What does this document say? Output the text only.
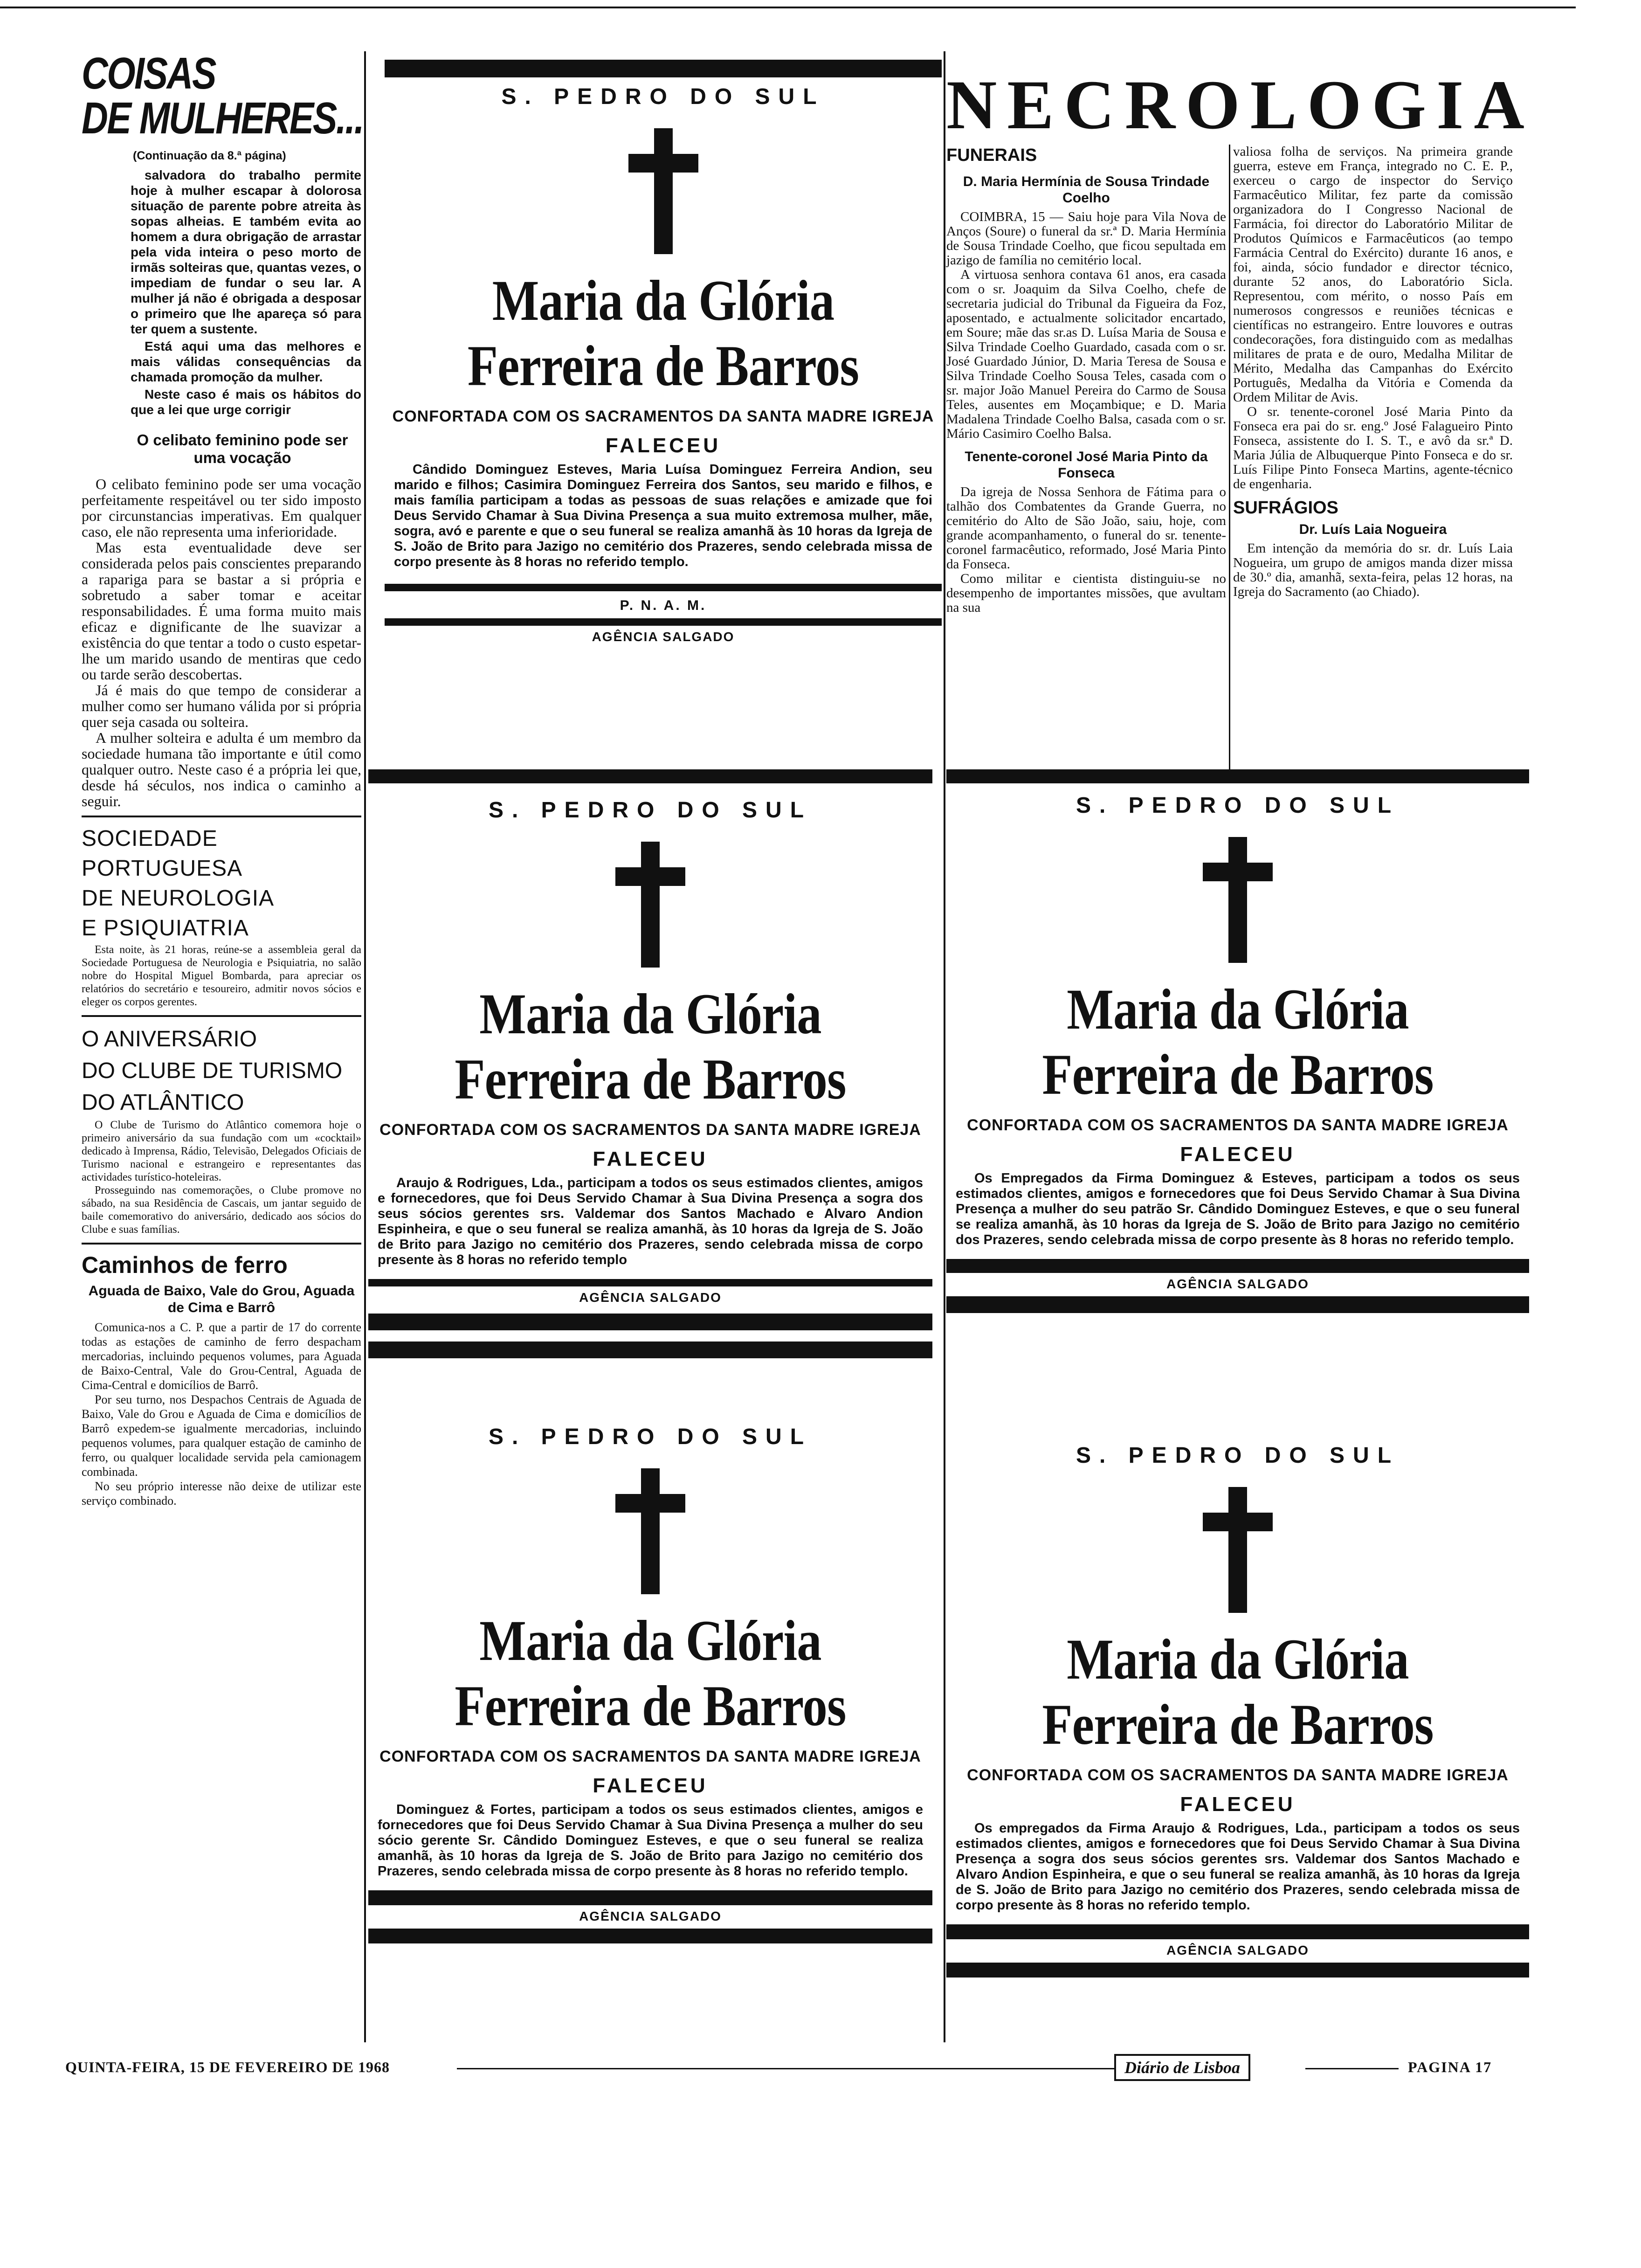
COISAS
DE MULHERES...
(Continuação da 8.ª página)

salvadora do trabalho permite hoje à mulher escapar à dolorosa situação de parente pobre atreita às sopas alheias. E também evita ao homem a dura obrigação de arrastar pela vida inteira o peso morto de irmãs solteiras que, quantas vezes, o impediam de fundar o seu lar. A mulher já não é obrigada a desposar o primeiro que lhe apareça só para ter quem a sustente.

Está aqui uma das melhores e mais válidas consequências da chamada promoção da mulher.

Neste caso é mais os hábitos do que a lei que urge corrigir

O celibato feminino pode ser uma vocação

O celibato feminino pode ser uma vocação perfeitamente respeitável ou ter sido imposto por circunstancias imperativas. Em qualquer caso, ele não representa uma inferioridade.

Mas esta eventualidade deve ser considerada pelos pais conscientes preparando a rapariga para se bastar a si própria e sobretudo a saber tomar e aceitar responsabilidades. É uma forma muito mais eficaz e dignificante de lhe suavizar a existência do que tentar a todo o custo espetar-lhe um marido usando de mentiras que cedo ou tarde serão descobertas.

Já é mais do que tempo de considerar a mulher como ser humano válida por si própria quer seja casada ou solteira.

A mulher solteira e adulta é um membro da sociedade humana tão importante e útil como qualquer outro. Neste caso é a própria lei que, desde há séculos, nos indica o caminho a seguir.

SOCIEDADE
PORTUGUESA
DE NEUROLOGIA
E PSIQUIATRIA

Esta noite, às 21 horas, reúne-se a assembleia geral da Sociedade Portuguesa de Neurologia e Psiquiatria, no salão nobre do Hospital Miguel Bombarda, para apreciar os relatórios do secretário e tesoureiro, admitir novos sócios e eleger os corpos gerentes.

O ANIVERSÁRIO
DO CLUBE DE TURISMO
DO ATLÂNTICO

O Clube de Turismo do Atlântico comemora hoje o primeiro aniversário da sua fundação com um «cocktail» dedicado à Imprensa, Rádio, Televisão, Delegados Oficiais de Turismo nacional e estrangeiro e representantes das actividades turístico-hoteleiras.

Prosseguindo nas comemorações, o Clube promove no sábado, na sua Residência de Cascais, um jantar seguido de baile comemorativo do aniversário, dedicado aos sócios do Clube e suas famílias.

Caminhos de ferro
Aguada de Baixo, Vale do Grou, Aguada de Cima e Barrô

Comunica-nos a C. P. que a partir de 17 do corrente todas as estações de caminho de ferro despacham mercadorias, incluindo pequenos volumes, para Aguada de Baixo-Central, Vale do Grou-Central, Aguada de Cima-Central e domicílios de Barrô.

Por seu turno, nos Despachos Centrais de Aguada de Baixo, Vale do Grou e Aguada de Cima e domicílios de Barrô expedem-se igualmente mercadorias, incluindo pequenos volumes, para qualquer estação de caminho de ferro, ou qualquer localidade servida pela camionagem combinada.

No seu próprio interesse não deixe de utilizar este serviço combinado.

S. PEDRO DO SUL
Maria da Glória
Ferreira de Barros
CONFORTADA COM OS SACRAMENTOS DA SANTA MADRE IGREJA
FALECEU

Cândido Dominguez Esteves, Maria Luísa Dominguez Ferreira Andion, seu marido e filhos; Casimira Dominguez Ferreira dos Santos, seu marido e filhos, e mais família participam a todas as pessoas de suas relações e amizade que foi Deus Servido Chamar à Sua Divina Presença a sua muito extremosa mulher, mãe, sogra, avó e parente e que o seu funeral se realiza amanhã às 10 horas da Igreja de S. João de Brito para Jazigo no cemitério dos Prazeres, sendo celebrada missa de corpo presente às 8 horas no referido templo.

P. N. A. M.
AGÊNCIA SALGADO
NECROLOGIA
FUNERAIS
D. Maria Hermínia de Sousa Trindade Coelho

COIMBRA, 15 — Saiu hoje para Vila Nova de Anços (Soure) o funeral da sr.ª D. Maria Hermínia de Sousa Trindade Coelho, que ficou sepultada em jazigo de família no cemitério local.

A virtuosa senhora contava 61 anos, era casada com o sr. Joaquim da Silva Coelho, chefe de secretaria judicial do Tribunal da Figueira da Foz, aposentado, e actualmente solicitador encartado, em Soure; mãe das sr.as D. Luísa Maria de Sousa e Silva Trindade Coelho Guardado, casada com o sr. José Guardado Júnior, D. Maria Teresa de Sousa e Silva Trindade Coelho Sousa Teles, casada com o sr. major João Manuel Pereira do Carmo de Sousa Teles, ausentes em Moçambique; e D. Maria Madalena Trindade Coelho Balsa, casada com o sr. Mário Casimiro Coelho Balsa.

Tenente-coronel José Maria Pinto da Fonseca

Da igreja de Nossa Senhora de Fátima para o talhão dos Combatentes da Grande Guerra, no cemitério do Alto de São João, saiu, hoje, com grande acompanhamento, o funeral do sr. tenente-coronel farmacêutico, reformado, José Maria Pinto da Fonseca.

Como militar e cientista distinguiu-se no desempenho de importantes missões, que avultam na sua

valiosa folha de serviços. Na primeira grande guerra, esteve em França, integrado no C. E. P., exerceu o cargo de inspector do Serviço Farmacêutico Militar, fez parte da comissão organizadora do I Congresso Nacional de Farmácia, foi director do Laboratório Militar de Produtos Químicos e Farmacêuticos (ao tempo Farmácia Central do Exército) durante 16 anos, e foi, ainda, sócio fundador e director técnico, durante 52 anos, do Laboratório Sicla. Representou, com mérito, o nosso País em numerosos congressos e reuniões técnicas e científicas no estrangeiro. Entre louvores e outras condecorações, fora distinguido com as medalhas militares de prata e de ouro, Medalha Militar de Mérito, Medalha das Campanhas do Exército Português, Medalha da Vitória e Comenda da Ordem Militar de Avis.

O sr. tenente-coronel José Maria Pinto da Fonseca era pai do sr. eng.º José Falagueiro Pinto Fonseca, assistente do I. S. T., e avô da sr.ª D. Maria Júlia de Albuquerque Pinto Fonseca e do sr. Luís Filipe Pinto Fonseca Martins, agente-técnico de engenharia.

SUFRÁGIOS
Dr. Luís Laia Nogueira

Em intenção da memória do sr. dr. Luís Laia Nogueira, um grupo de amigos manda dizer missa de 30.º dia, amanhã, sexta-feira, pelas 12 horas, na Igreja do Sacramento (ao Chiado).

S. PEDRO DO SUL
Maria da Glória
Ferreira de Barros
CONFORTADA COM OS SACRAMENTOS DA SANTA MADRE IGREJA
FALECEU

Araujo & Rodrigues, Lda., participam a todos os seus estimados clientes, amigos e fornecedores, que foi Deus Servido Chamar à Sua Divina Presença a sogra dos seus sócios gerentes srs. Valdemar dos Santos Machado e Alvaro Andion Espinheira, e que o seu funeral se realiza amanhã, às 10 horas da Igreja de S. João de Brito para Jazigo no cemitério dos Prazeres, sendo celebrada missa de corpo presente às 8 horas no referido templo

AGÊNCIA SALGADO
S. PEDRO DO SUL
Maria da Glória
Ferreira de Barros
CONFORTADA COM OS SACRAMENTOS DA SANTA MADRE IGREJA
FALECEU

Os Empregados da Firma Dominguez & Esteves, participam a todos os seus estimados clientes, amigos e fornecedores que foi Deus Servido Chamar à Sua Divina Presença a mulher do seu patrão Sr. Cândido Dominguez Esteves, e que o seu funeral se realiza amanhã, às 10 horas da Igreja de S. João de Brito para Jazigo no cemitério dos Prazeres, sendo celebrada missa de corpo presente às 8 horas no referido templo.

AGÊNCIA SALGADO
S. PEDRO DO SUL
Maria da Glória
Ferreira de Barros
CONFORTADA COM OS SACRAMENTOS DA SANTA MADRE IGREJA
FALECEU

Dominguez & Fortes, participam a todos os seus estimados clientes, amigos e fornecedores que foi Deus Servido Chamar à Sua Divina Presença a mulher do seu sócio gerente Sr. Cândido Dominguez Esteves, e que o seu funeral se realiza amanhã, às 10 horas da Igreja de S. João de Brito para Jazigo no cemitério dos Prazeres, sendo celebrada missa de corpo presente às 8 horas no referido templo.

AGÊNCIA SALGADO
S. PEDRO DO SUL
Maria da Glória
Ferreira de Barros
CONFORTADA COM OS SACRAMENTOS DA SANTA MADRE IGREJA
FALECEU

Os empregados da Firma Araujo & Rodrigues, Lda., participam a todos os seus estimados clientes, amigos e fornecedores que foi Deus Servido Chamar à Sua Divina Presença a sogra dos seus sócios gerentes srs. Valdemar dos Santos Machado e Alvaro Andion Espinheira, e que o seu funeral se realiza amanhã, às 10 horas da Igreja de S. João de Brito para Jazigo no cemitério dos Prazeres, sendo celebrada missa de corpo presente às 8 horas no referido templo.

AGÊNCIA SALGADO
QUINTA-FEIRA, 15 DE FEVEREIRO DE 1968	Diário de Lisboa	PAGINA 17
